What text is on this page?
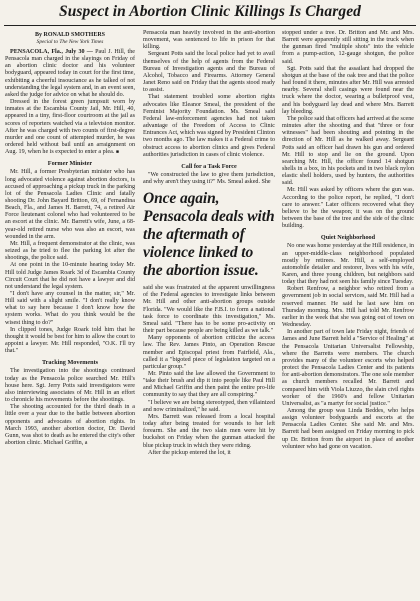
Suspect in Abortion Clinic Killings Is Charged
By RONALD SMOTHERS
Special to The New York Times

PENSACOLA, Fla., July 30 — Paul J. Hill, the Pensacola man charged in the slayings on Friday of an abortion clinic doctor and his volunteer bodyguard, appeared today in court for the first time, exhibiting a cheerful insouciance as he talked of not understanding the legal system and, in an event seen, asked the judge for advice on what he should do.

Dressed in the forest green jumpsuit worn by inmates at the Escambia County Jail, Mr. Hill, 40, appeared in a tiny, first-floor courtroom at the jail as scores of reporters watched via a television monitor. After he was charged with two counts of first-degree murder and one count of attempted murder, he was ordered held without bail until an arraignment on Aug. 19, when he is expected to enter a plea. ■

Former Minister

Mr. Hill, a former Presbyterian minister who has long advocated violence against abortion doctors, is accused of approaching a pickup truck in the parking lot of the Pensacola Ladies Clinic and fatally shooting Dr. John Bayard Britton, 69, of Fernandina Beach, Fla., and James H. Barrett, 74, a retired Air Force lieutenant colonel who had volunteered to be an escort at the clinic. Mr. Barrett's wife, June, a 68-year-old retired nurse who was also an escort, was wounded in the arm.

Mr. Hill, a frequent demonstrator at the clinic, was seized as he tried to flee the parking lot after the shootings, the police said.

At one point in the 10-minute hearing today Mr. Hill told Judge James Roark 3d of Escambia County Circuit Court that he did not have a lawyer and did not understand the legal system.

"I don't have any counsel in the matter, sir," Mr. Hill said with a slight smile. "I don't really know what to say here because I don't know how the system works. What do you think would be the wisest thing to do?"

In clipped tones, Judge Roark told him that he thought it would be best for him to allow the court to appoint a lawyer. Mr. Hill responded, "O.K. I'll try that."

Tracking Movements

The investigation into the shootings continued today as the Pensacola police searched Mr. Hill's house here. Sgt. Jerry Potts said investigators were also interviewing associates of Mr. Hill in an effort to chronicle his movements before the shootings.

The shooting accounted for the third death in a little over a year due to the battle between abortion opponents and advocates of abortion rights. In March 1993, another abortion doctor, Dr. David Gunn, was shot to death as he entered the city's other abortion clinic. Michael Griffin, a

Pensacola man heavily involved in the anti-abortion movement, was sentenced to life in prison for that killing.

Sergeant Potts said the local police had yet to avail themselves of the help of agents from the Federal Bureau of Investigation agents and the Bureau of Alcohol, Tobacco and Firearms. Attorney General Janet Reno said on Friday that the agents stood ready to assist.

That statement troubled some abortion rights advocates like Eleanor Smeal, the president of the Feminist Majority Foundation. Ms. Smeal said Federal law-enforcement agencies had not taken advantage of the Freedom of Access to Clinic Entrances Act, which was signed by President Clinton two months ago. The law makes it a Federal crime to obstruct access to abortion clinics and gives Federal authorities jurisdiction in cases of clinic violence.

Call for a Task Force

"We constructed the law to give them jurisdiction, and why aren't they using it?" Ms. Smeal asked. She

Once again, Pensacola deals with the aftermath of violence linked to the abortion issue.

said she was frustrated at the apparent unwillingness of the Federal agencies to investigate links between Mr. Hill and other anti-abortion groups outside Florida. "We would like the F.B.I. to form a national task force to coordinate this investigation," Ms. Smeal said. "There has to be some pro-activity on their part because people are being killed as we talk."

Many opponents of abortion criticize the access law. The Rev. James Pinto, an Operation Rescue member and Episcopal priest from Fairfield, Ala., called it a "bigoted piece of legislation targeted on a particular group."

Mr. Pinto said the law allowed the Government to "take their brush and dip it into people like Paul Hill and Michael Griffin and then paint the entire pro-life community to say that they are all conspiring."

"I believe we are being stereotyped, then villainized and now criminalized," he said.

Mrs. Barrett was released from a local hospital today after being treated for wounds to her left forearm. She and the two slain men were hit by buckshot on Friday when the gunman attacked the blue pickup truck in which they were riding.

After the pickup entered the lot, it

stopped under a tree. Dr. Britton and Mr. and Mrs. Barrett were apparently still sitting in the truck when the gunman fired "multiple shots" into the vehicle from a pump-action, 12-gauge shotgun, the police said.

Sgt. Potts said that the assailant had dropped the shotgun at the base of the oak tree and that the police had found it there, minutes after Mr. Hill was arrested nearby. Several shell casings were found near the truck where the doctor, wearing a bulletproof vest, and his bodyguard lay dead and where Mrs. Barrett lay bleeding.

The police said that officers had arrived at the scene minutes after the shooting and that "three or four witnesses" had been shouting and pointing in the direction of Mr. Hill as he walked away. Sergeant Potts said an officer had drawn his gun and ordered Mr. Hill to stop and lie on the ground. Upon searching Mr. Hill, the officer found 14 shotgun shells in a box, in his pockets and in two black nylon elastic shell holders, used by hunters, the authorities said.

Mr. Hill was asked by officers where the gun was. According to the police report, he replied, "I don't care to answer." Later officers recovered what they believe to be the weapon; it was on the ground between the base of the tree and the side of the clinic building.

Quiet Neighborhood

No one was home yesterday at the Hill residence, in an upper-middle-class neighborhood populated mostly by retirees. Mr. Hill, a self-employed automobile detailer and restorer, lives with his wife, Karen, and three young children, but neighbors said today that they had not seen his family since Tuesday.

Robert Renfrow, a neighbor who retired from a government job in social services, said Mr. Hill had a reserved manner. He said he last saw him on Thursday morning. Mrs. Hill had told Mr. Renfrow earlier in the week that she was going out of town on Wednesday.

In another part of town late Friday night, friends of James and June Barrett held a "Service of Healing" at the Pensacola Unitarian Universalist Fellowship, where the Barretts were members. The church provides many of the volunteer escorts who helped protect the Pensacola Ladies Center and its patients for anti-abortion demonstrators. The one sole member as church members recalled Mr. Barrett and compared him with Viola Liuzzo, the slain civil rights worker of the 1960's and fellow Unitarian Universalist, as "a martyr for social justice."

Among the group was Linda Beddes, who helps assign volunteer bodyguards and escorts at the Pensacola Ladies Center. She said Mr. and Mrs. Barrett had been assigned on Friday morning to pick up Dr. Britton from the airport in place of another volunteer who had gone on vacation.
